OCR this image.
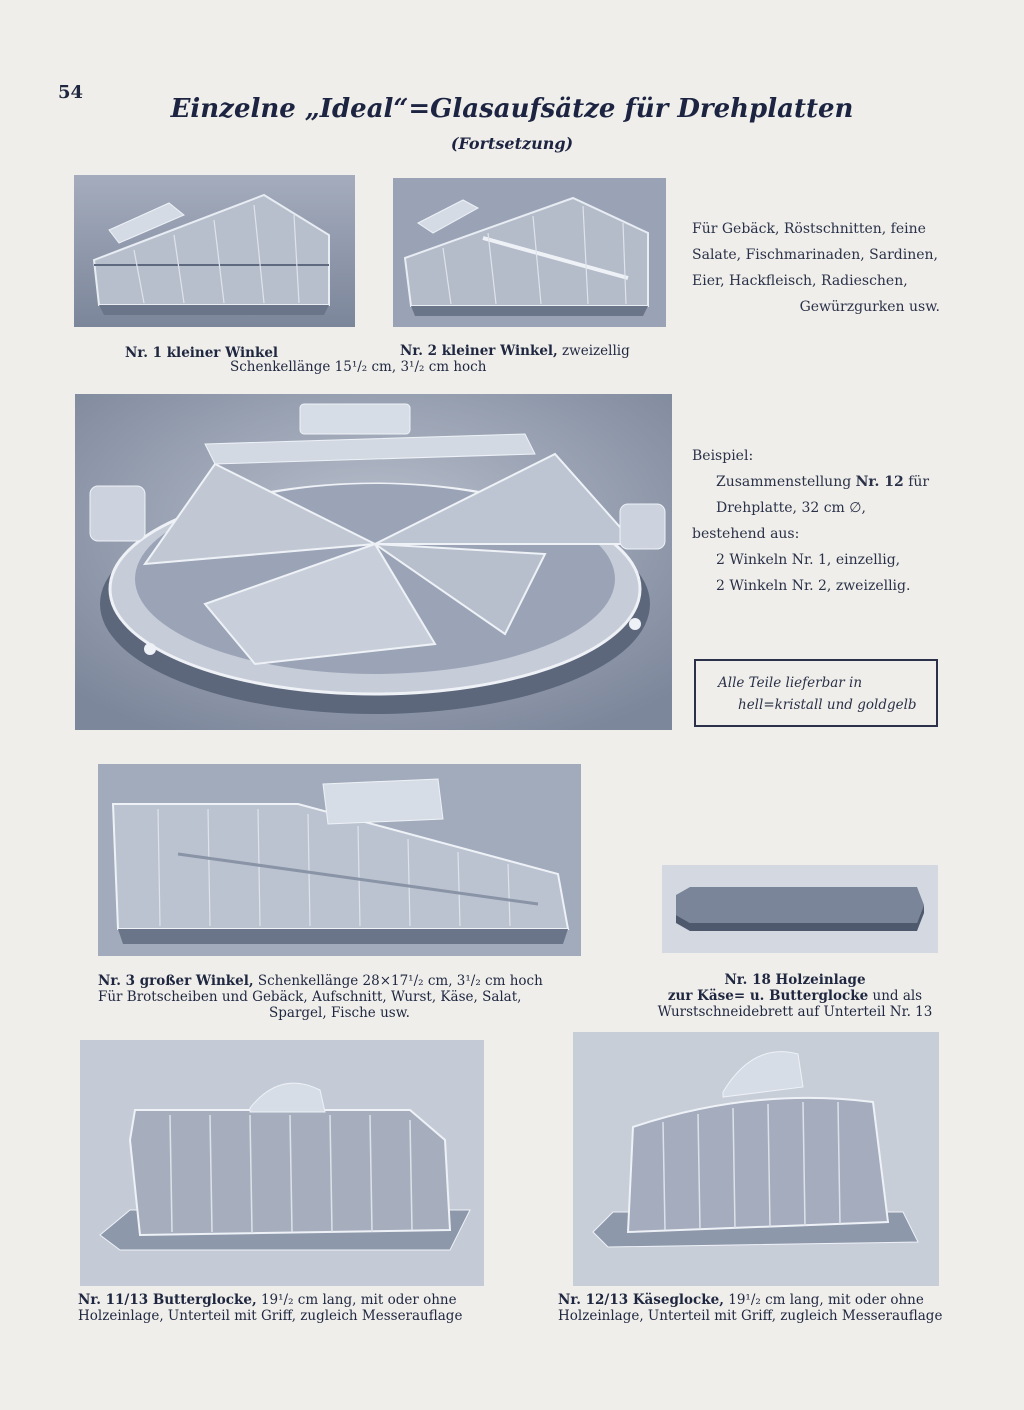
54
Einzelne „Ideal“=Glasaufsätze für Drehplatten
(Fortsetzung)
Nr. 1 kleiner Winkel	Nr. 2 kleiner Winkel, zweizellig
Schenkellänge 15¹/₂ cm, 3¹/₂ cm hoch
Für Gebäck, Röstschnitten, feine
Salate, Fischmarinaden, Sardinen,
Eier, Hackfleisch, Radieschen,
Gewürzgurken usw.
Beispiel:
Zusammenstellung Nr. 12 für
Drehplatte, 32 cm ∅,
bestehend aus:
2 Winkeln Nr. 1, einzellig,
2 Winkeln Nr. 2, zweizellig.
Alle Teile lieferbar in
hell=kristall und goldgelb
Nr. 3 großer Winkel, Schenkellänge 28×17¹/₂ cm, 3¹/₂ cm hoch
Für Brotscheiben und Gebäck, Aufschnitt, Wurst, Käse, Salat,
Spargel, Fische usw.
Nr. 18 Holzeinlage
zur Käse= u. Butterglocke und als
Wurstschneidebrett auf Unterteil Nr. 13
Nr. 11/13 Butterglocke, 19¹/₂ cm lang, mit oder ohne
Holzeinlage, Unterteil mit Griff, zugleich Messerauflage
Nr. 12/13 Käseglocke, 19¹/₂ cm lang, mit oder ohne
Holzeinlage, Unterteil mit Griff, zugleich Messerauflage
